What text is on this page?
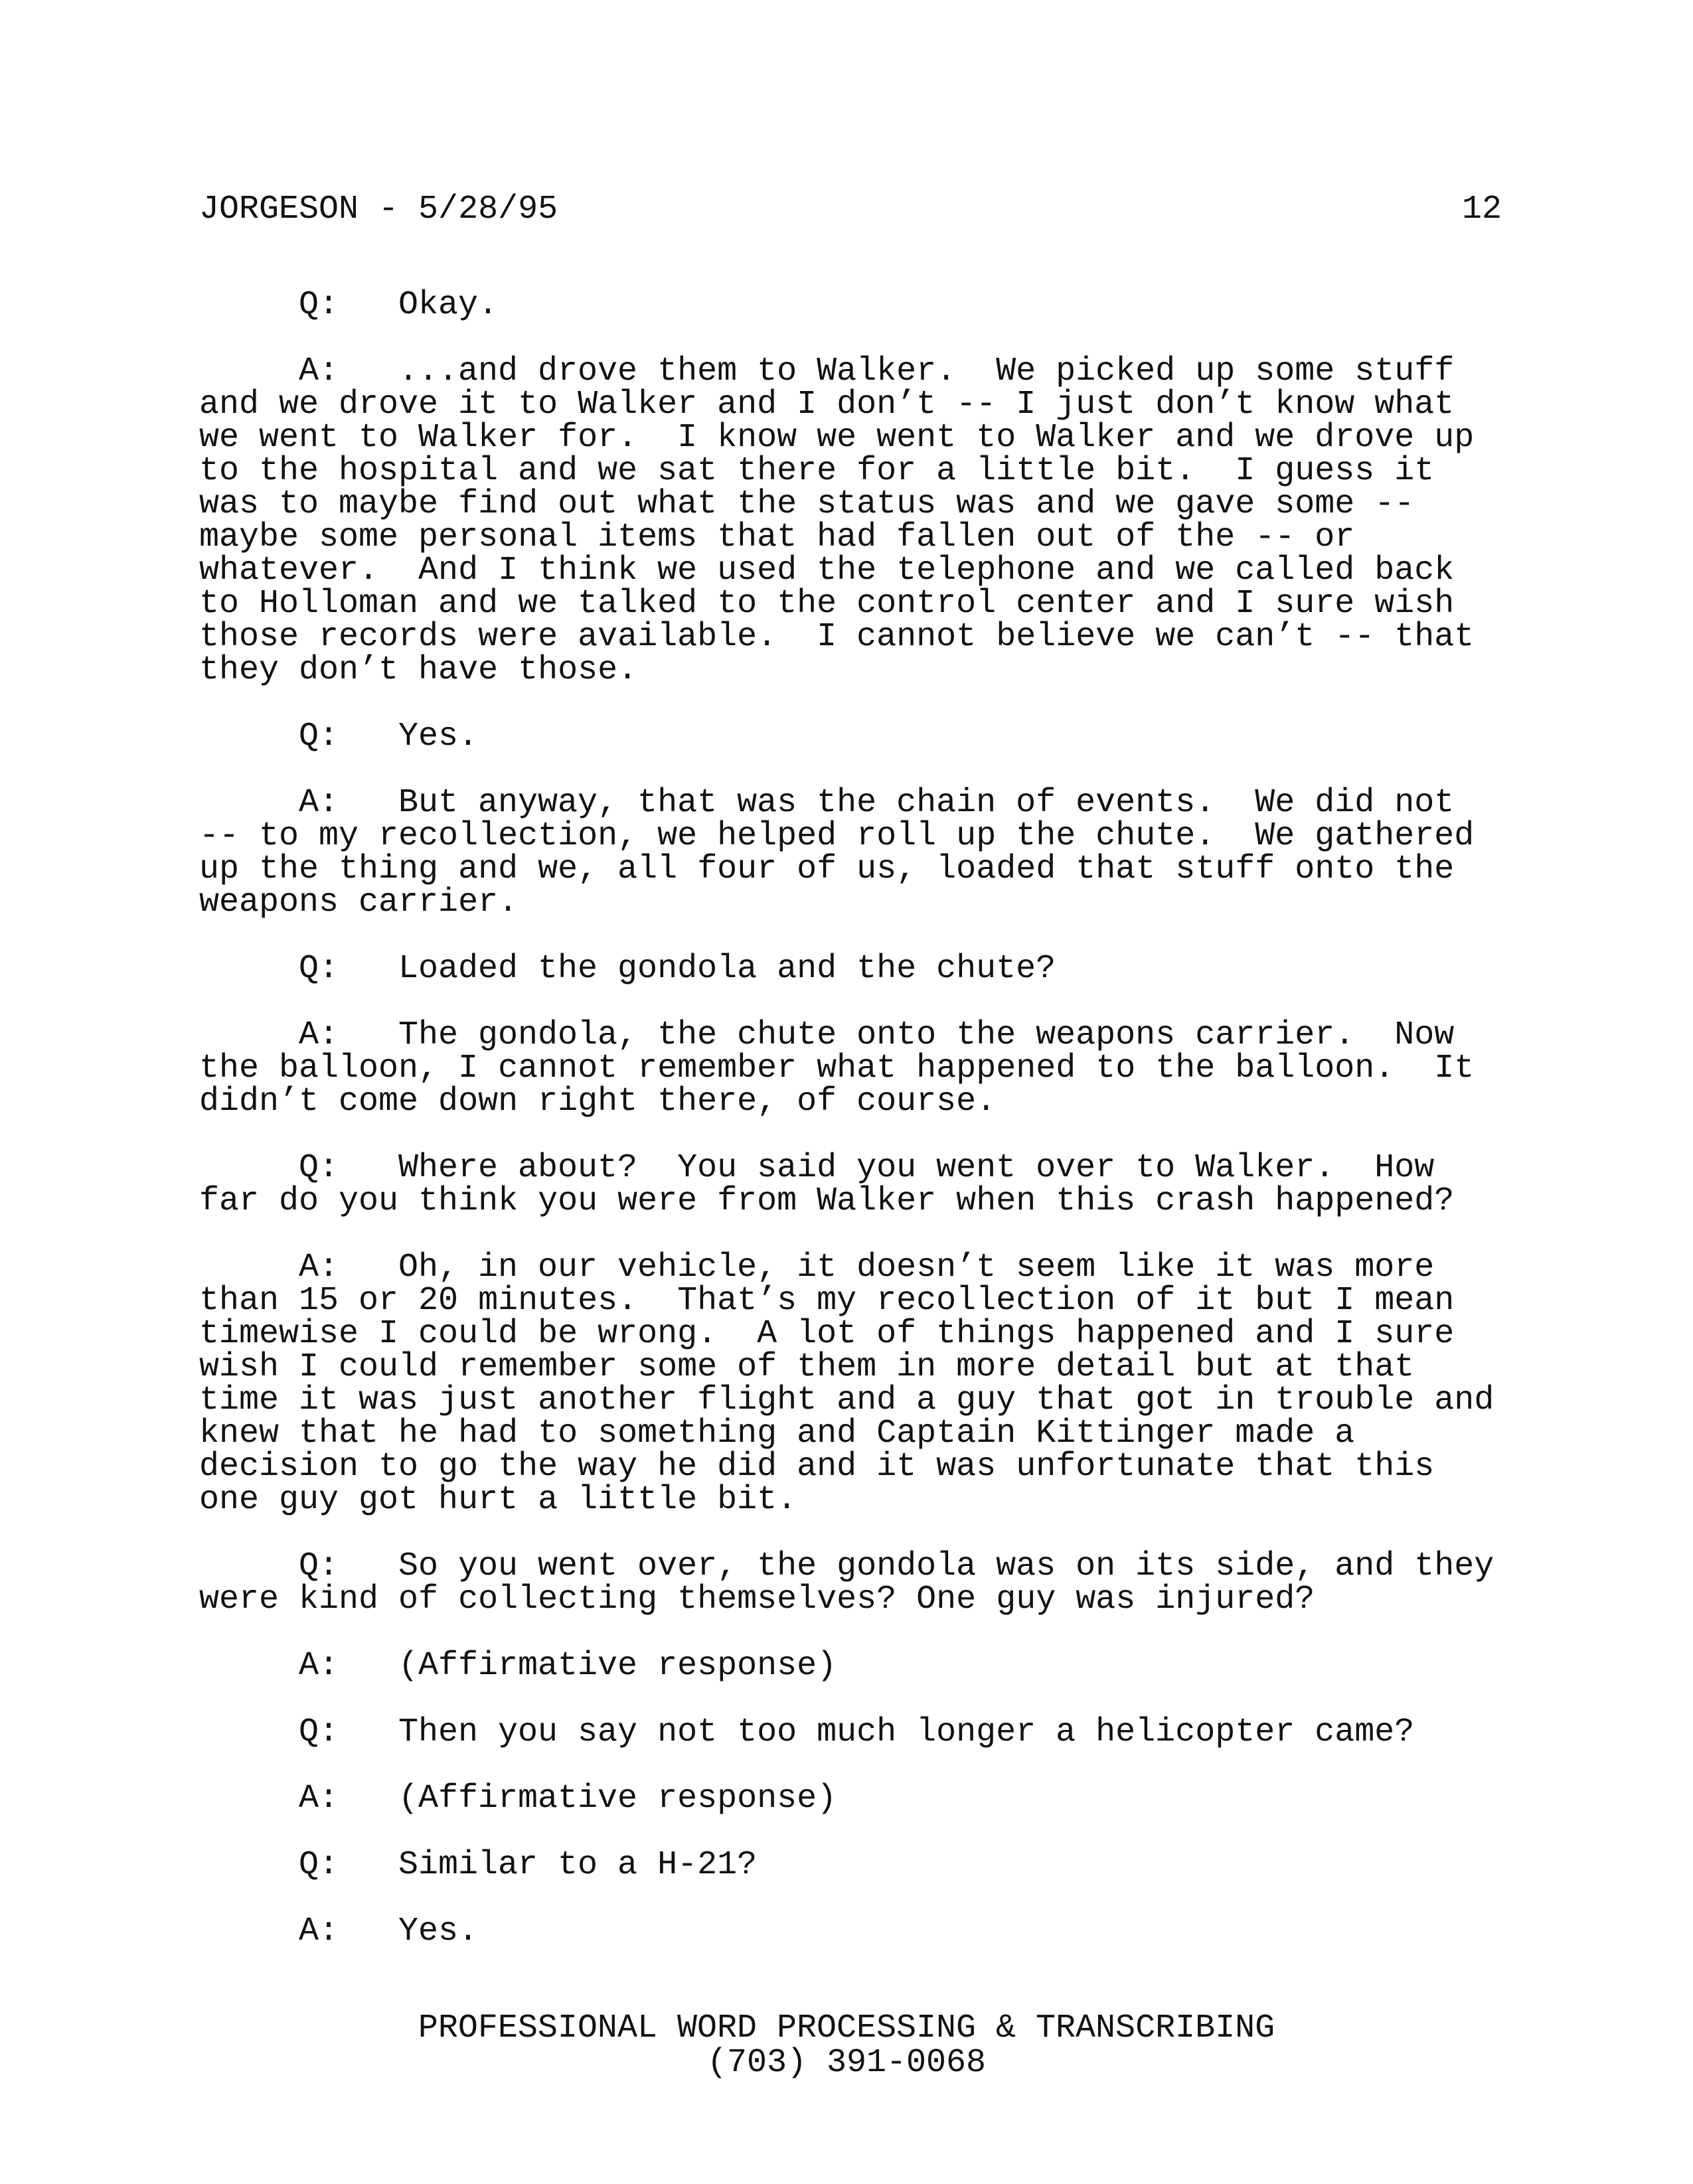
JORGESON - 5/28/95	12
Q: Okay.
A: ...and drove them to Walker.  We picked up some stuff
and we drove it to Walker and I don’t -- I just don’t know what
we went to Walker for.  I know we went to Walker and we drove up
to the hospital and we sat there for a little bit.  I guess it
was to maybe find out what the status was and we gave some --
maybe some personal items that had fallen out of the -- or
whatever.  And I think we used the telephone and we called back
to Holloman and we talked to the control center and I sure wish
those records were available.  I cannot believe we can’t -- that
they don’t have those.
Q: Yes.
A: But anyway, that was the chain of events.  We did not
-- to my recollection, we helped roll up the chute.  We gathered
up the thing and we, all four of us, loaded that stuff onto the
weapons carrier.
Q: Loaded the gondola and the chute?
A: The gondola, the chute onto the weapons carrier.  Now
the balloon, I cannot remember what happened to the balloon.  It
didn’t come down right there, of course.
Q: Where about?  You said you went over to Walker.  How
far do you think you were from Walker when this crash happened?
A: Oh, in our vehicle, it doesn’t seem like it was more
than 15 or 20 minutes.  That’s my recollection of it but I mean
timewise I could be wrong.  A lot of things happened and I sure
wish I could remember some of them in more detail but at that
time it was just another flight and a guy that got in trouble and
knew that he had to something and Captain Kittinger made a
decision to go the way he did and it was unfortunate that this
one guy got hurt a little bit.
Q: So you went over, the gondola was on its side, and they
were kind of collecting themselves? One guy was injured?
A: (Affirmative response)
Q: Then you say not too much longer a helicopter came?
A: (Affirmative response)
Q: Similar to a H-21?
A: Yes.
PROFESSIONAL WORD PROCESSING & TRANSCRIBING
(703) 391-0068
